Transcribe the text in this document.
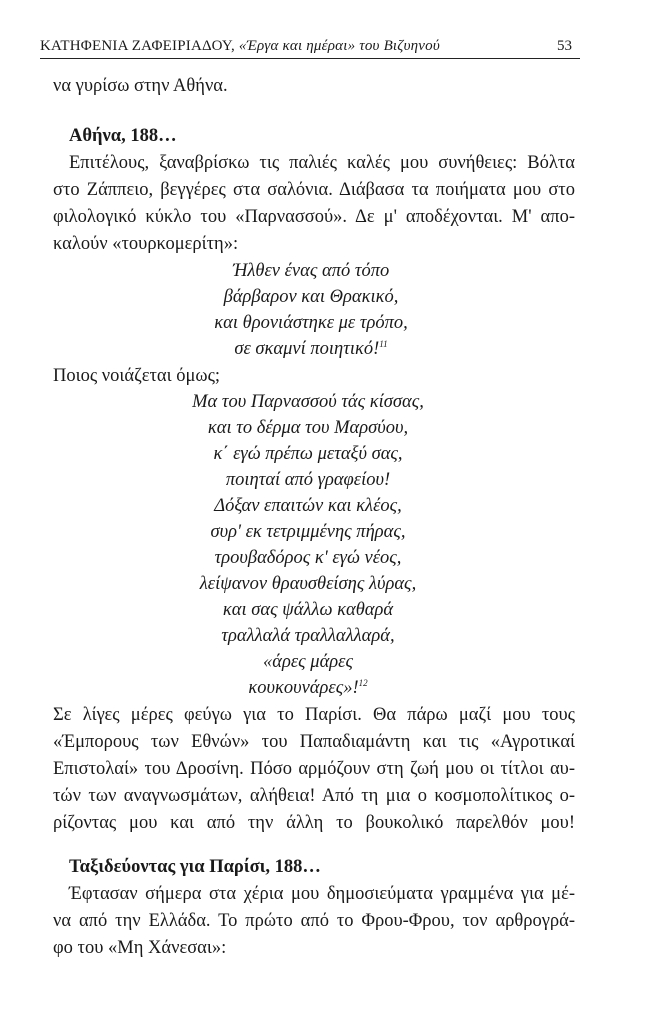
ΚΑΤΗΦΕΝΙΑ ΖΑΦΕΙΡΙΑΔΟΥ, «Έργα και ημέραι» του Βιζυηνού	53
να γυρίσω στην Αθήνα.
Αθήνα, 188…
Επιτέλους, ξαναβρίσκω τις παλιές καλές μου συνήθειες: Βόλτα
στο Ζάππειο, βεγγέρες στα σαλόνια. Διάβασα τα ποιήματα μου στο
φιλολογικό κύκλο του «Παρνασσού». Δε μ' αποδέχονται. Μ' απο-
καλούν «τουρκομερίτη»:
Ήλθεν ένας από τόπο
βάρβαρον και Θρακικό,
και θρονιάστηκε με τρόπο,
σε σκαμνί ποιητικό!$^{11}$
Ποιος νοιάζεται όμως;
Μα του Παρνασσού τάς κίσσας,
και το δέρμα του Μαρσύου,
κ΄ εγώ πρέπω μεταξύ σας,
ποιηταί από γραφείου!
Δόξαν επαιτών και κλέος,
συρ' εκ τετριμμένης πήρας,
τρουβαδόρος κ' εγώ νέος,
λείψανον θραυσθείσης λύρας,
και σας ψάλλω καθαρά
τραλλαλά τραλλαλλαρά,
«άρες μάρες
κουκουνάρες»!$^{12}$
Σε λίγες μέρες φεύγω για το Παρίσι. Θα πάρω μαζί μου τους
«Έμπορους των Εθνών» του Παπαδιαμάντη και τις «Αγροτικαί
Επιστολαί» του Δροσίνη. Πόσο αρμόζουν στη ζωή μου οι τίτλοι αυ-
τών των αναγνωσμάτων, αλήθεια! Από τη μια ο κοσμοπολίτικος ο-
ρίζοντας μου και από την άλλη το βουκολικό παρελθόν μου!
Ταξιδεύοντας για Παρίσι, 188…
Έφτασαν σήμερα στα χέρια μου δημοσιεύματα γραμμένα για μέ-
να από την Ελλάδα. Το πρώτο από το Φρου-Φρου, τον αρθρογρά-
φο του «Μη Χάνεσαι»:
